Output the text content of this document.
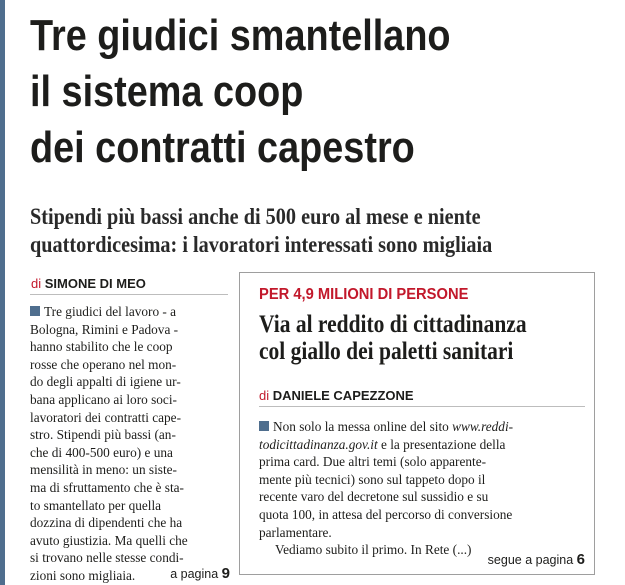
Tre giudici smantellano
il sistema coop
dei contratti capestro
Stipendi più bassi anche di 500 euro al mese e niente
quattordicesima: i lavoratori interessati sono migliaia
di SIMONE DI MEO
Tre giudici del lavoro - a
Bologna, Rimini e Padova -
hanno stabilito che le coop
rosse che operano nel mon-
do degli appalti di igiene ur-
bana applicano ai loro soci-
lavoratori dei contratti cape-
stro. Stipendi più bassi (an-
che di 400-500 euro) e una
mensilità in meno: un siste-
ma di sfruttamento che è sta-
to smantellato per quella
dozzina di dipendenti che ha
avuto giustizia. Ma quelli che
si trovano nelle stesse condi-
zioni sono migliaia.	a pagina 9
PER 4,9 MILIONI DI PERSONE
Via al reddito di cittadinanza
col giallo dei paletti sanitari
di DANIELE CAPEZZONE
Non solo la messa online del sito www.reddi-
todicittadinanza.gov.it e la presentazione della
prima card. Due altri temi (solo apparente-
mente più tecnici) sono sul tappeto dopo il
recente varo del decretone sul sussidio e su
quota 100, in attesa del percorso di conversione
parlamentare.
Vediamo subito il primo. In Rete (...)
segue a pagina 6
